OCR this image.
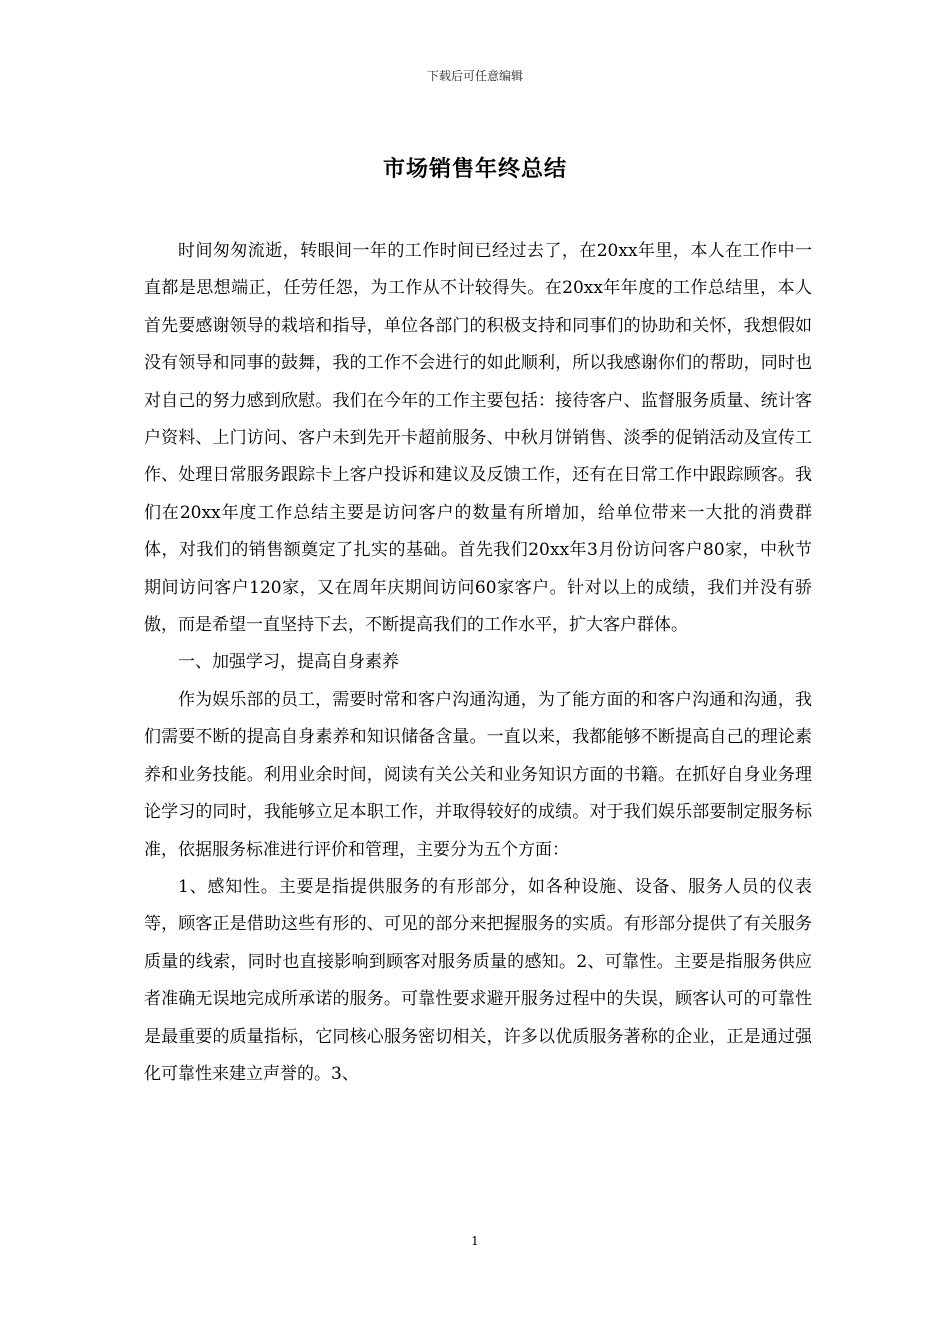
下载后可任意编辑
市场销售年终总结

时间匆匆流逝，转眼间一年的工作时间已经过去了，在20xx年里，本人在工作中一直都是思想端正，任劳任怨，为工作从不计较得失。在20xx年年度的工作总结里，本人首先要感谢领导的栽培和指导，单位各部门的积极支持和同事们的协助和关怀，我想假如没有领导和同事的鼓舞，我的工作不会进行的如此顺利，所以我感谢你们的帮助，同时也对自己的努力感到欣慰。我们在今年的工作主要包括：接待客户、监督服务质量、统计客户资料、上门访问、客户未到先开卡超前服务、中秋月饼销售、淡季的促销活动及宣传工作、处理日常服务跟踪卡上客户投诉和建议及反馈工作，还有在日常工作中跟踪顾客。我们在20xx年度工作总结主要是访问客户的数量有所增加，给单位带来一大批的消费群体，对我们的销售额奠定了扎实的基础。首先我们20xx年3月份访问客户80家，中秋节期间访问客户120家，又在周年庆期间访问60家客户。针对以上的成绩，我们并没有骄傲，而是希望一直坚持下去，不断提高我们的工作水平，扩大客户群体。

一、加强学习，提高自身素养

作为娱乐部的员工，需要时常和客户沟通沟通，为了能方面的和客户沟通和沟通，我们需要不断的提高自身素养和知识储备含量。一直以来，我都能够不断提高自己的理论素养和业务技能。利用业余时间，阅读有关公关和业务知识方面的书籍。在抓好自身业务理论学习的同时，我能够立足本职工作，并取得较好的成绩。对于我们娱乐部要制定服务标准，依据服务标准进行评价和管理，主要分为五个方面：

1、感知性。主要是指提供服务的有形部分，如各种设施、设备、服务人员的仪表等，顾客正是借助这些有形的、可见的部分来把握服务的实质。有形部分提供了有关服务质量的线索，同时也直接影响到顾客对服务质量的感知。2、可靠性。主要是指服务供应者准确无误地完成所承诺的服务。可靠性要求避开服务过程中的失误，顾客认可的可靠性是最重要的质量指标，它同核心服务密切相关，许多以优质服务著称的企业，正是通过强化可靠性来建立声誉的。3、

1
